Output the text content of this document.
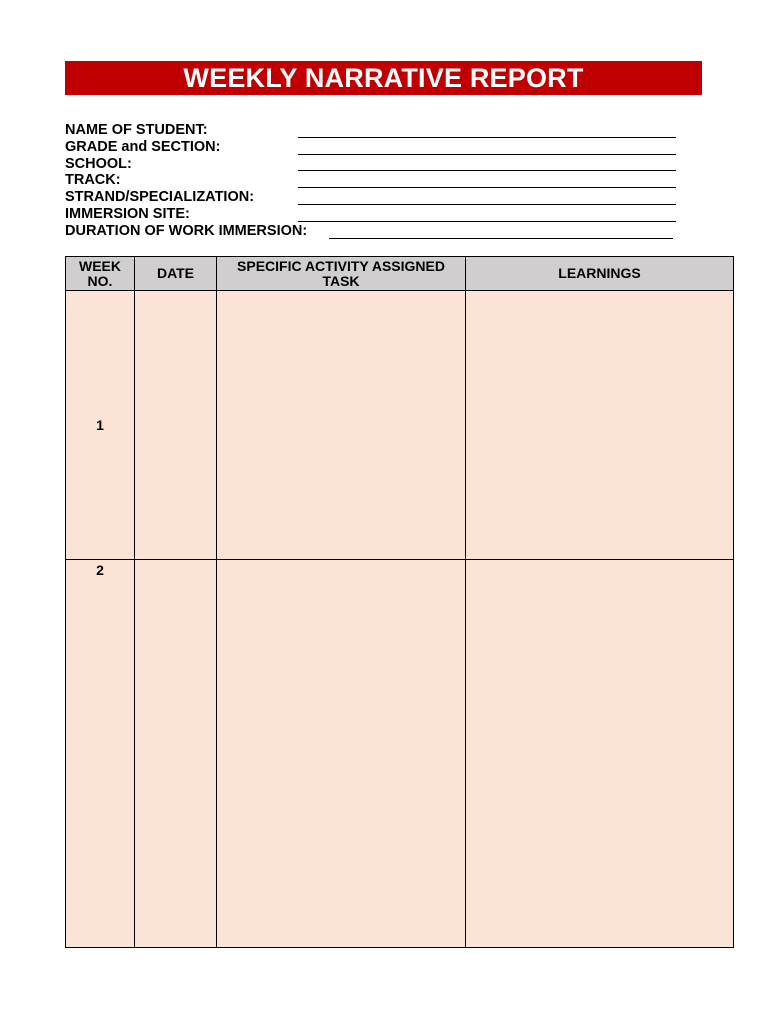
WEEKLY NARRATIVE REPORT
NAME OF STUDENT:
GRADE and SECTION:
SCHOOL:
TRACK:
STRAND/SPECIALIZATION:
IMMERSION SITE:
DURATION OF WORK IMMERSION:
WEEK NO.	DATE	SPECIFIC ACTIVITY ASSIGNED TASK	LEARNINGS
1			
2			
